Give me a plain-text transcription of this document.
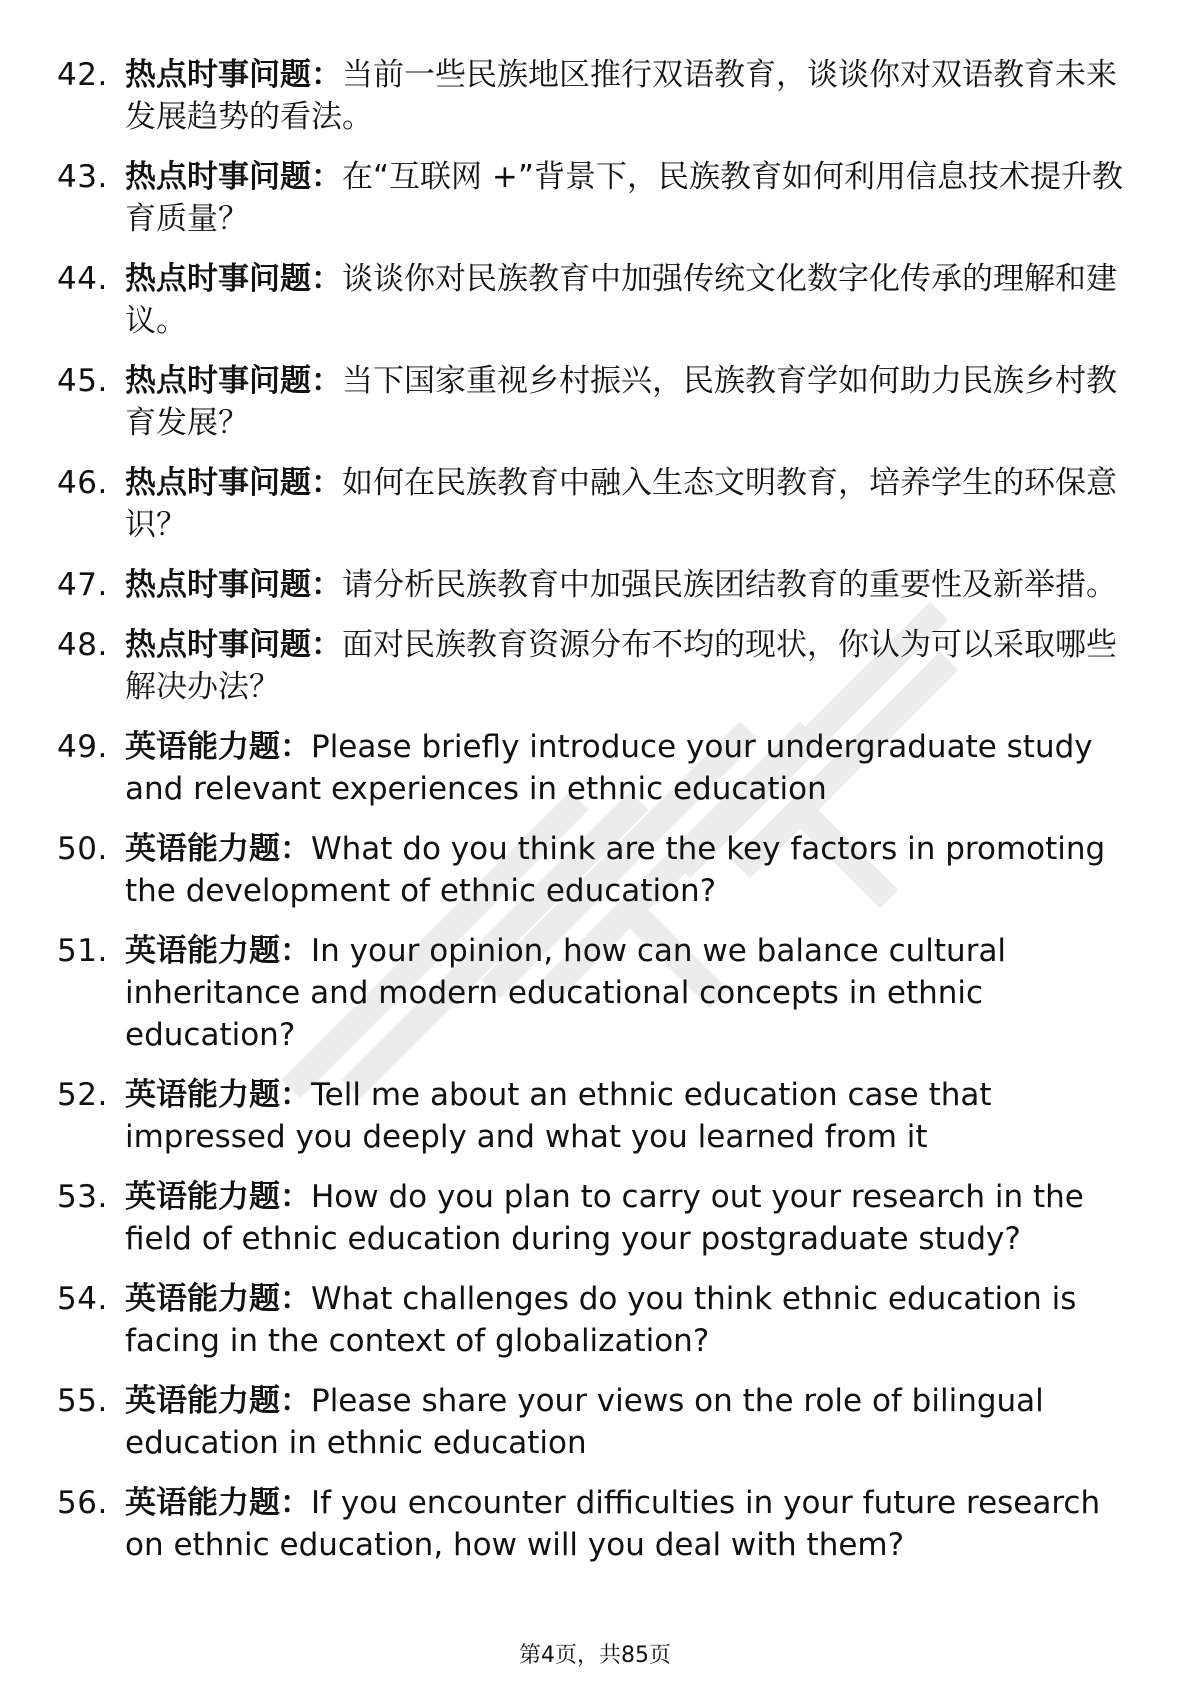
42. 热点时事问题：当前一些民族地区推行双语教育，谈谈你对双语教育未来发展趋势的看法。
43. 热点时事问题：在“互联网 +”背景下，民族教育如何利用信息技术提升教育质量？
44. 热点时事问题：谈谈你对民族教育中加强传统文化数字化传承的理解和建议。
45. 热点时事问题：当下国家重视乡村振兴，民族教育学如何助力民族乡村教育发展？
46. 热点时事问题：如何在民族教育中融入生态文明教育，培养学生的环保意识？
47. 热点时事问题：请分析民族教育中加强民族团结教育的重要性及新举措。
48. 热点时事问题：面对民族教育资源分布不均的现状，你认为可以采取哪些解决办法？
49. 英语能力题：Please briefly introduce your undergraduate study and relevant experiences in ethnic education
50. 英语能力题：What do you think are the key factors in promoting the development of ethnic education?
51. 英语能力题：In your opinion, how can we balance cultural inheritance and modern educational concepts in ethnic education?
52. 英语能力题：Tell me about an ethnic education case that impressed you deeply and what you learned from it
53. 英语能力题：How do you plan to carry out your research in the field of ethnic education during your postgraduate study?
54. 英语能力题：What challenges do you think ethnic education is facing in the context of globalization?
55. 英语能力题：Please share your views on the role of bilingual education in ethnic education
56. 英语能力题：If you encounter difficulties in your future research on ethnic education, how will you deal with them?
第4页，共85页
